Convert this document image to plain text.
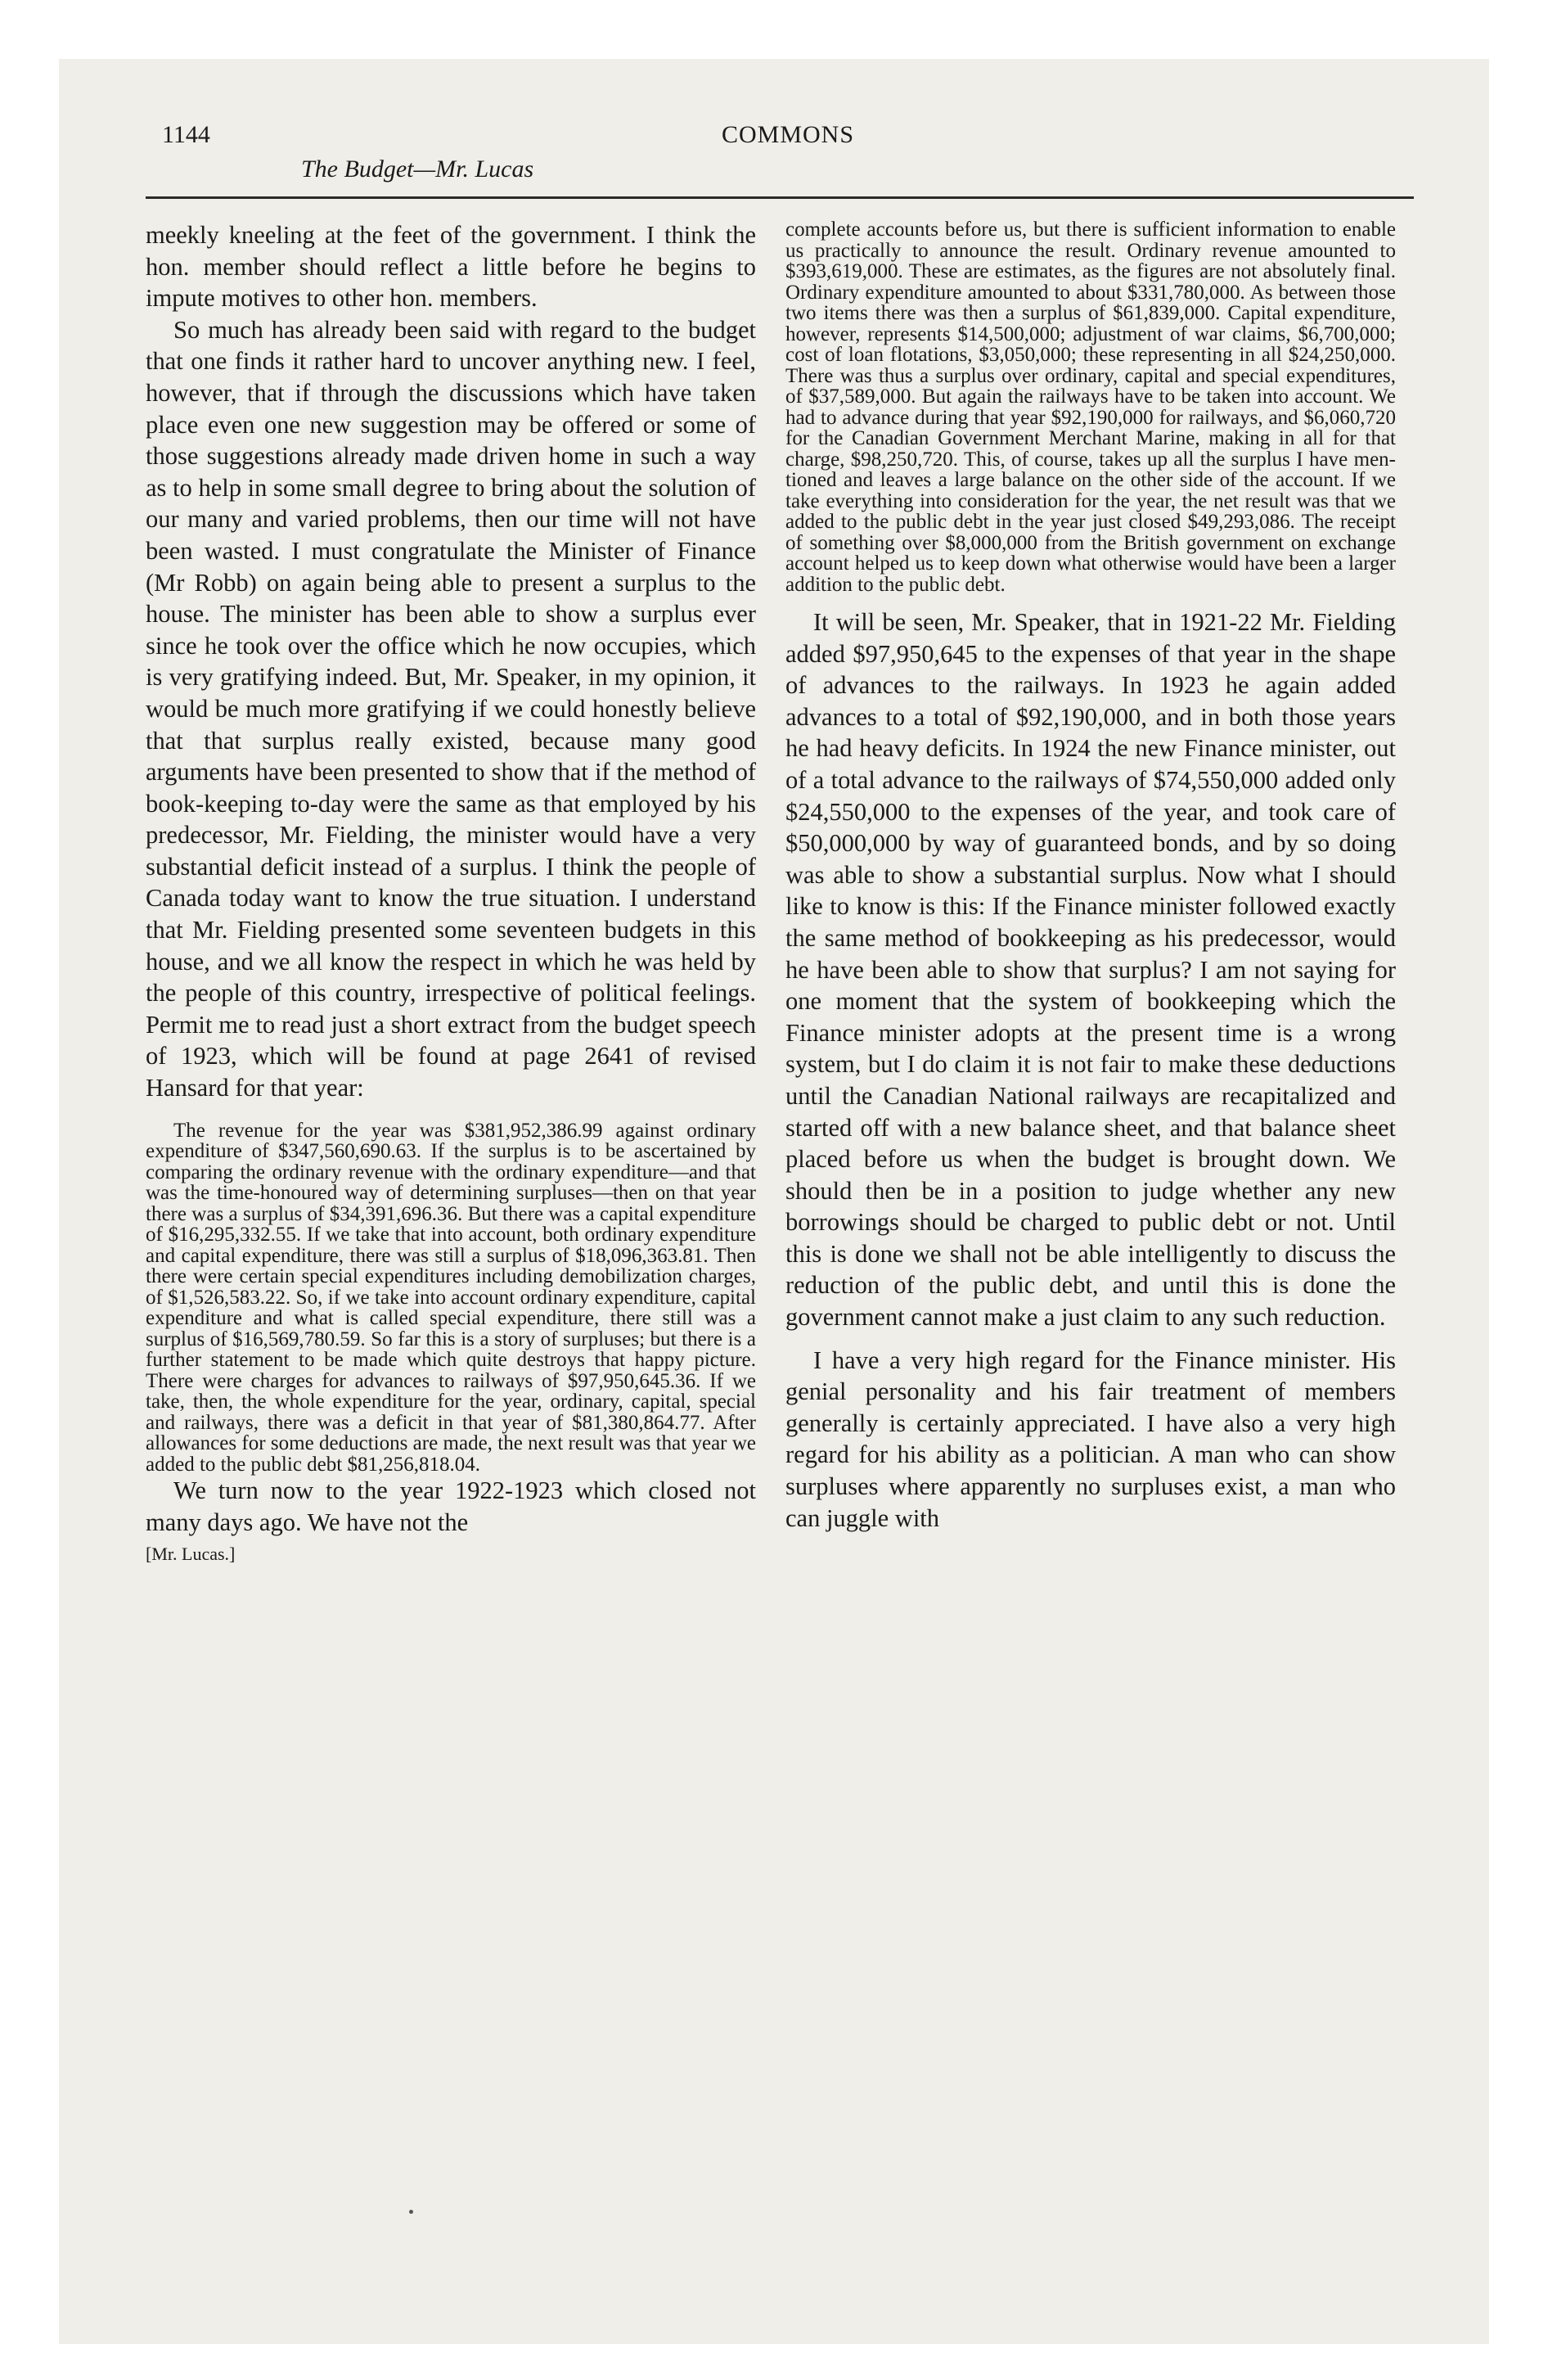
1144	COMMONS
The Budget—Mr. Lucas

meekly kneeling at the feet of the government. I think the hon. member should reflect a little before he begins to impute motives to other hon. members.

So much has already been said with regard to the budget that one finds it rather hard to uncover anything new. I feel, however, that if through the discussions which have taken place even one new suggestion may be offered or some of those suggestions already made driven home in such a way as to help in some small degree to bring about the solution of our many and varied problems, then our time will not have been wasted. I must congratulate the Minister of Finance (Mr Robb) on again being able to present a surplus to the house. The minister has been able to show a surplus ever since he took over the office which he now occupies, which is very gratifying indeed. But, Mr. Speaker, in my opinion, it would be much more gratifying if we could honestly believe that that surplus really existed, because many good arguments have been presented to show that if the method of book-keeping to-day were the same as that employed by his predecessor, Mr. Fielding, the minister would have a very substantial deficit instead of a surplus. I think the people of Canada today want to know the true situation. I understand that Mr. Fielding presented some seventeen budgets in this house, and we all know the respect in which he was held by the people of this country, irrespective of political feelings. Permit me to read just a short extract from the budget speech of 1923, which will be found at page 2641 of revised Hansard for that year:

The revenue for the year was $381,952,386.99 against ordinary expenditure of $347,560,690.63. If the surplus is to be ascertained by comparing the ordinary revenue with the ordinary expenditure—and that was the time-honoured way of determining surpluses—then on that year there was a surplus of $34,391,696.36. But there was a capital expenditure of $16,295,332.55. If we take that into account, both ordinary expenditure and capital expenditure, there was still a surplus of $18,096,363.81. Then there were certain special expenditures including demobilization charges, of $1,526,583.22. So, if we take into account ordinary expenditure, capital expenditure and what is called special expenditure, there still was a surplus of $16,569,780.59. So far this is a story of surpluses; but there is a further statement to be made which quite destroys that happy picture. There were charges for advances to railways of $97,950,645.36. If we take, then, the whole expenditure for the year, ordinary, capital, special and railways, there was a deficit in that year of $81,380,864.77. After allowances for some deductions are made, the next result was that year we added to the public debt $81,256,818.04.

We turn now to the year 1922-1923 which closed not many days ago. We have not the

[Mr. Lucas.]

complete accounts before us, but there is sufficient information to enable us practically to announce the result. Ordinary revenue amounted to $393,619,000. These are estimates, as the figures are not absolutely final. Ordinary expenditure amounted to about $331,780,000. As between those two items there was then a surplus of $61,839,000. Capital expenditure, however, represents $14,500,000; adjustment of war claims, $6,700,000; cost of loan flotations, $3,050,000; these representing in all $24,250,000. There was thus a surplus over ordinary, capital and special expenditures, of $37,589,000. But again the railways have to be taken into account. We had to advance during that year $92,190,000 for railways, and $6,060,720 for the Canadian Government Merchant Marine, making in all for that charge, $98,250,720. This, of course, takes up all the surplus I have mentioned and leaves a large balance on the other side of the account. If we take everything into consideration for the year, the net result was that we added to the public debt in the year just closed $49,293,086. The receipt of something over $8,000,000 from the British government on exchange account helped us to keep down what otherwise would have been a larger addition to the public debt.

It will be seen, Mr. Speaker, that in 1921-22 Mr. Fielding added $97,950,645 to the expenses of that year in the shape of advances to the railways. In 1923 he again added advances to a total of $92,190,000, and in both those years he had heavy deficits. In 1924 the new Finance minister, out of a total advance to the railways of $74,550,000 added only $24,550,000 to the expenses of the year, and took care of $50,000,000 by way of guaranteed bonds, and by so doing was able to show a substantial surplus. Now what I should like to know is this: If the Finance minister followed exactly the same method of bookkeeping as his predecessor, would he have been able to show that surplus? I am not saying for one moment that the system of bookkeeping which the Finance minister adopts at the present time is a wrong system, but I do claim it is not fair to make these deductions until the Canadian National railways are recapitalized and started off with a new balance sheet, and that balance sheet placed before us when the budget is brought down. We should then be in a position to judge whether any new borrowings should be charged to public debt or not. Until this is done we shall not be able intelligently to discuss the reduction of the public debt, and until this is done the government cannot make a just claim to any such reduction.

I have a very high regard for the Finance minister. His genial personality and his fair treatment of members generally is certainly appreciated. I have also a very high regard for his ability as a politician. A man who can show surpluses where apparently no surpluses exist, a man who can juggle with
